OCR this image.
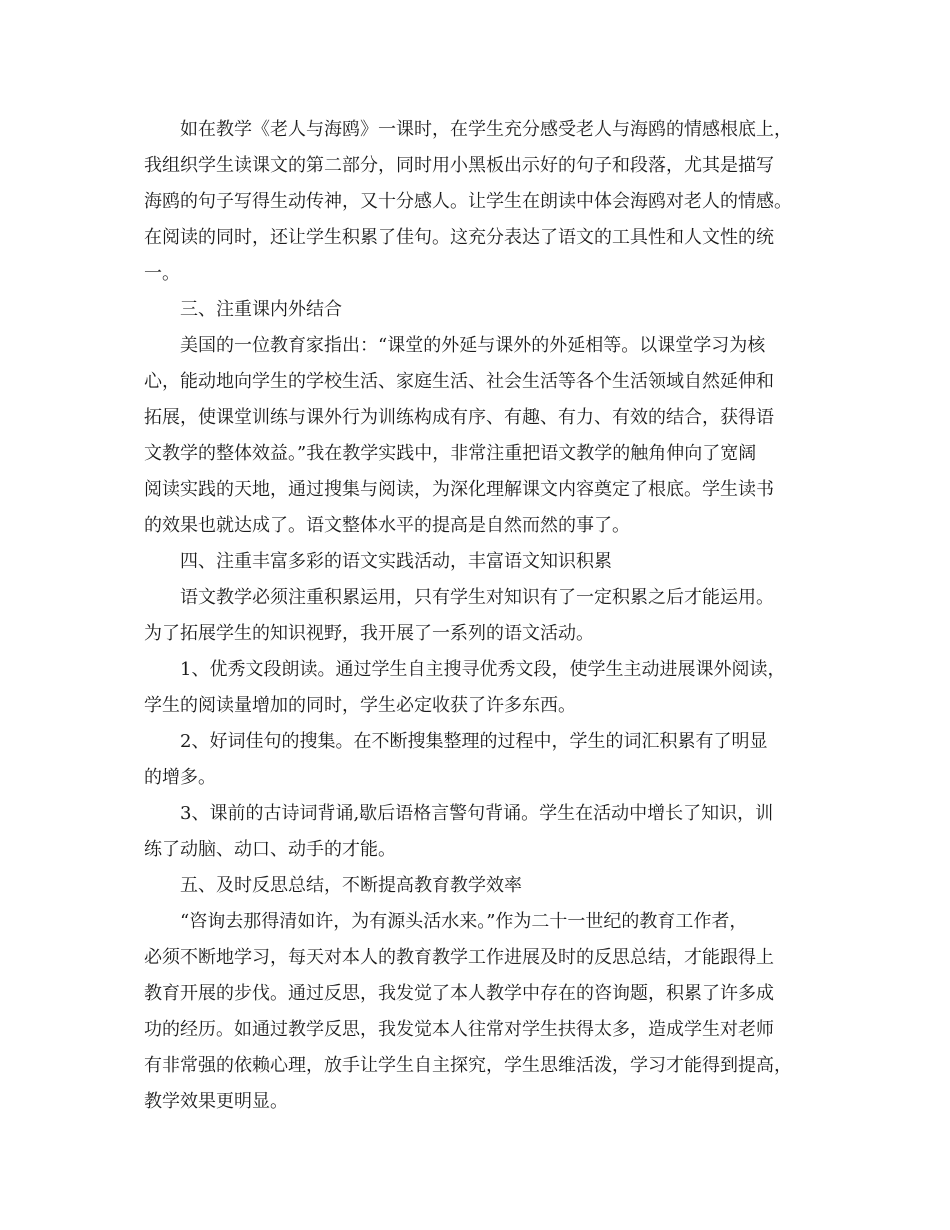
如在教学《老人与海鸥》一课时，在学生充分感受老人与海鸥的情感根底上，
我组织学生读课文的第二部分，同时用小黑板出示好的句子和段落，尤其是描写
海鸥的句子写得生动传神，又十分感人。让学生在朗读中体会海鸥对老人的情感。
在阅读的同时，还让学生积累了佳句。这充分表达了语文的工具性和人文性的统
一。
三、注重课内外结合
美国的一位教育家指出：“课堂的外延与课外的外延相等。以课堂学习为核
心，能动地向学生的学校生活、家庭生活、社会生活等各个生活领域自然延伸和
拓展，使课堂训练与课外行为训练构成有序、有趣、有力、有效的结合，获得语
文教学的整体效益。”我在教学实践中，非常注重把语文教学的触角伸向了宽阔
阅读实践的天地，通过搜集与阅读，为深化理解课文内容奠定了根底。学生读书
的效果也就达成了。语文整体水平的提高是自然而然的事了。
四、注重丰富多彩的语文实践活动，丰富语文知识积累
语文教学必须注重积累运用，只有学生对知识有了一定积累之后才能运用。
为了拓展学生的知识视野，我开展了一系列的语文活动。
1、优秀文段朗读。通过学生自主搜寻优秀文段，使学生主动进展课外阅读，
学生的阅读量增加的同时，学生必定收获了许多东西。
2、好词佳句的搜集。在不断搜集整理的过程中，学生的词汇积累有了明显
的增多。
3、课前的古诗词背诵,歇后语格言警句背诵。学生在活动中增长了知识，训
练了动脑、动口、动手的才能。
五、及时反思总结，不断提高教育教学效率
“咨询去那得清如许，为有源头活水来。”作为二十一世纪的教育工作者，
必须不断地学习，每天对本人的教育教学工作进展及时的反思总结，才能跟得上
教育开展的步伐。通过反思，我发觉了本人教学中存在的咨询题，积累了许多成
功的经历。如通过教学反思，我发觉本人往常对学生扶得太多，造成学生对老师
有非常强的依赖心理，放手让学生自主探究，学生思维活泼，学习才能得到提高，
教学效果更明显。
